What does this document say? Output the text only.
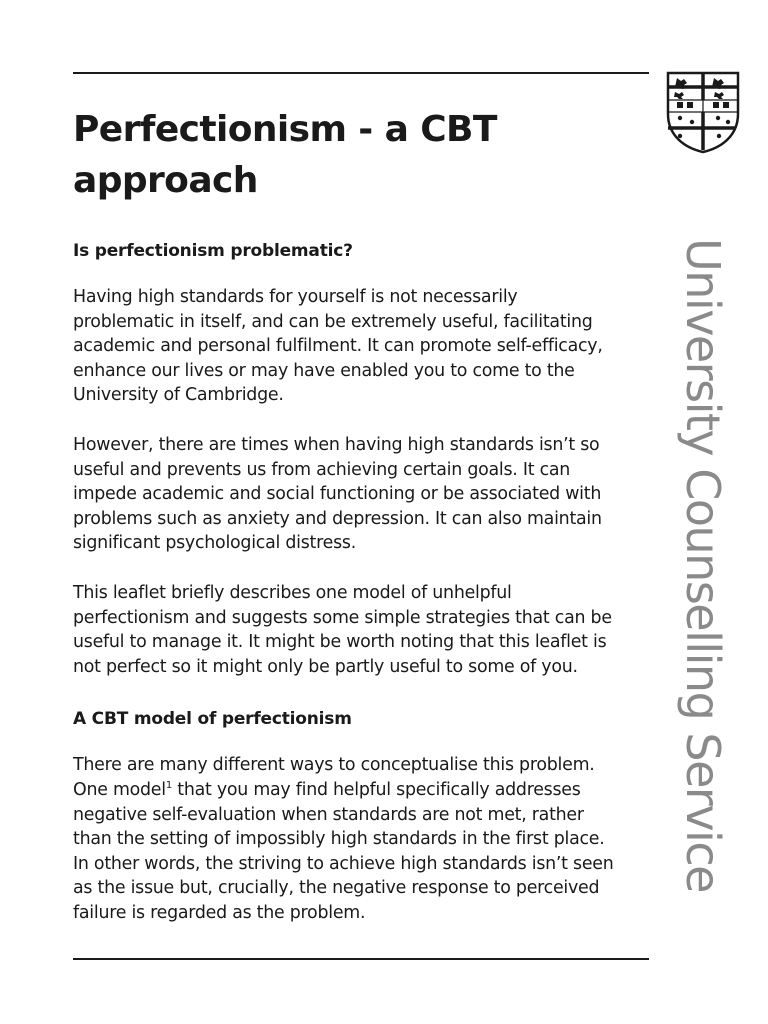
Perfectionism - a CBT approach

Is perfectionism problematic?

Having high standards for yourself is not necessarily
problematic in itself, and can be extremely useful, facilitating
academic and personal fulfilment. It can promote self-efficacy,
enhance our lives or may have enabled you to come to the
University of Cambridge.

However, there are times when having high standards isn’t so
useful and prevents us from achieving certain goals. It can
impede academic and social functioning or be associated with
problems such as anxiety and depression. It can also maintain
significant psychological distress.

This leaflet briefly describes one model of unhelpful
perfectionism and suggests some simple strategies that can be
useful to manage it. It might be worth noting that this leaflet is
not perfect so it might only be partly useful to some of you.

A CBT model of perfectionism

There are many different ways to conceptualise this problem.
One model$^1$ that you may find helpful specifically addresses
negative self-evaluation when standards are not met, rather
than the setting of impossibly high standards in the first place.
In other words, the striving to achieve high standards isn’t seen
as the issue but, crucially, the negative response to perceived
failure is regarded as the problem.

University Counselling Service
